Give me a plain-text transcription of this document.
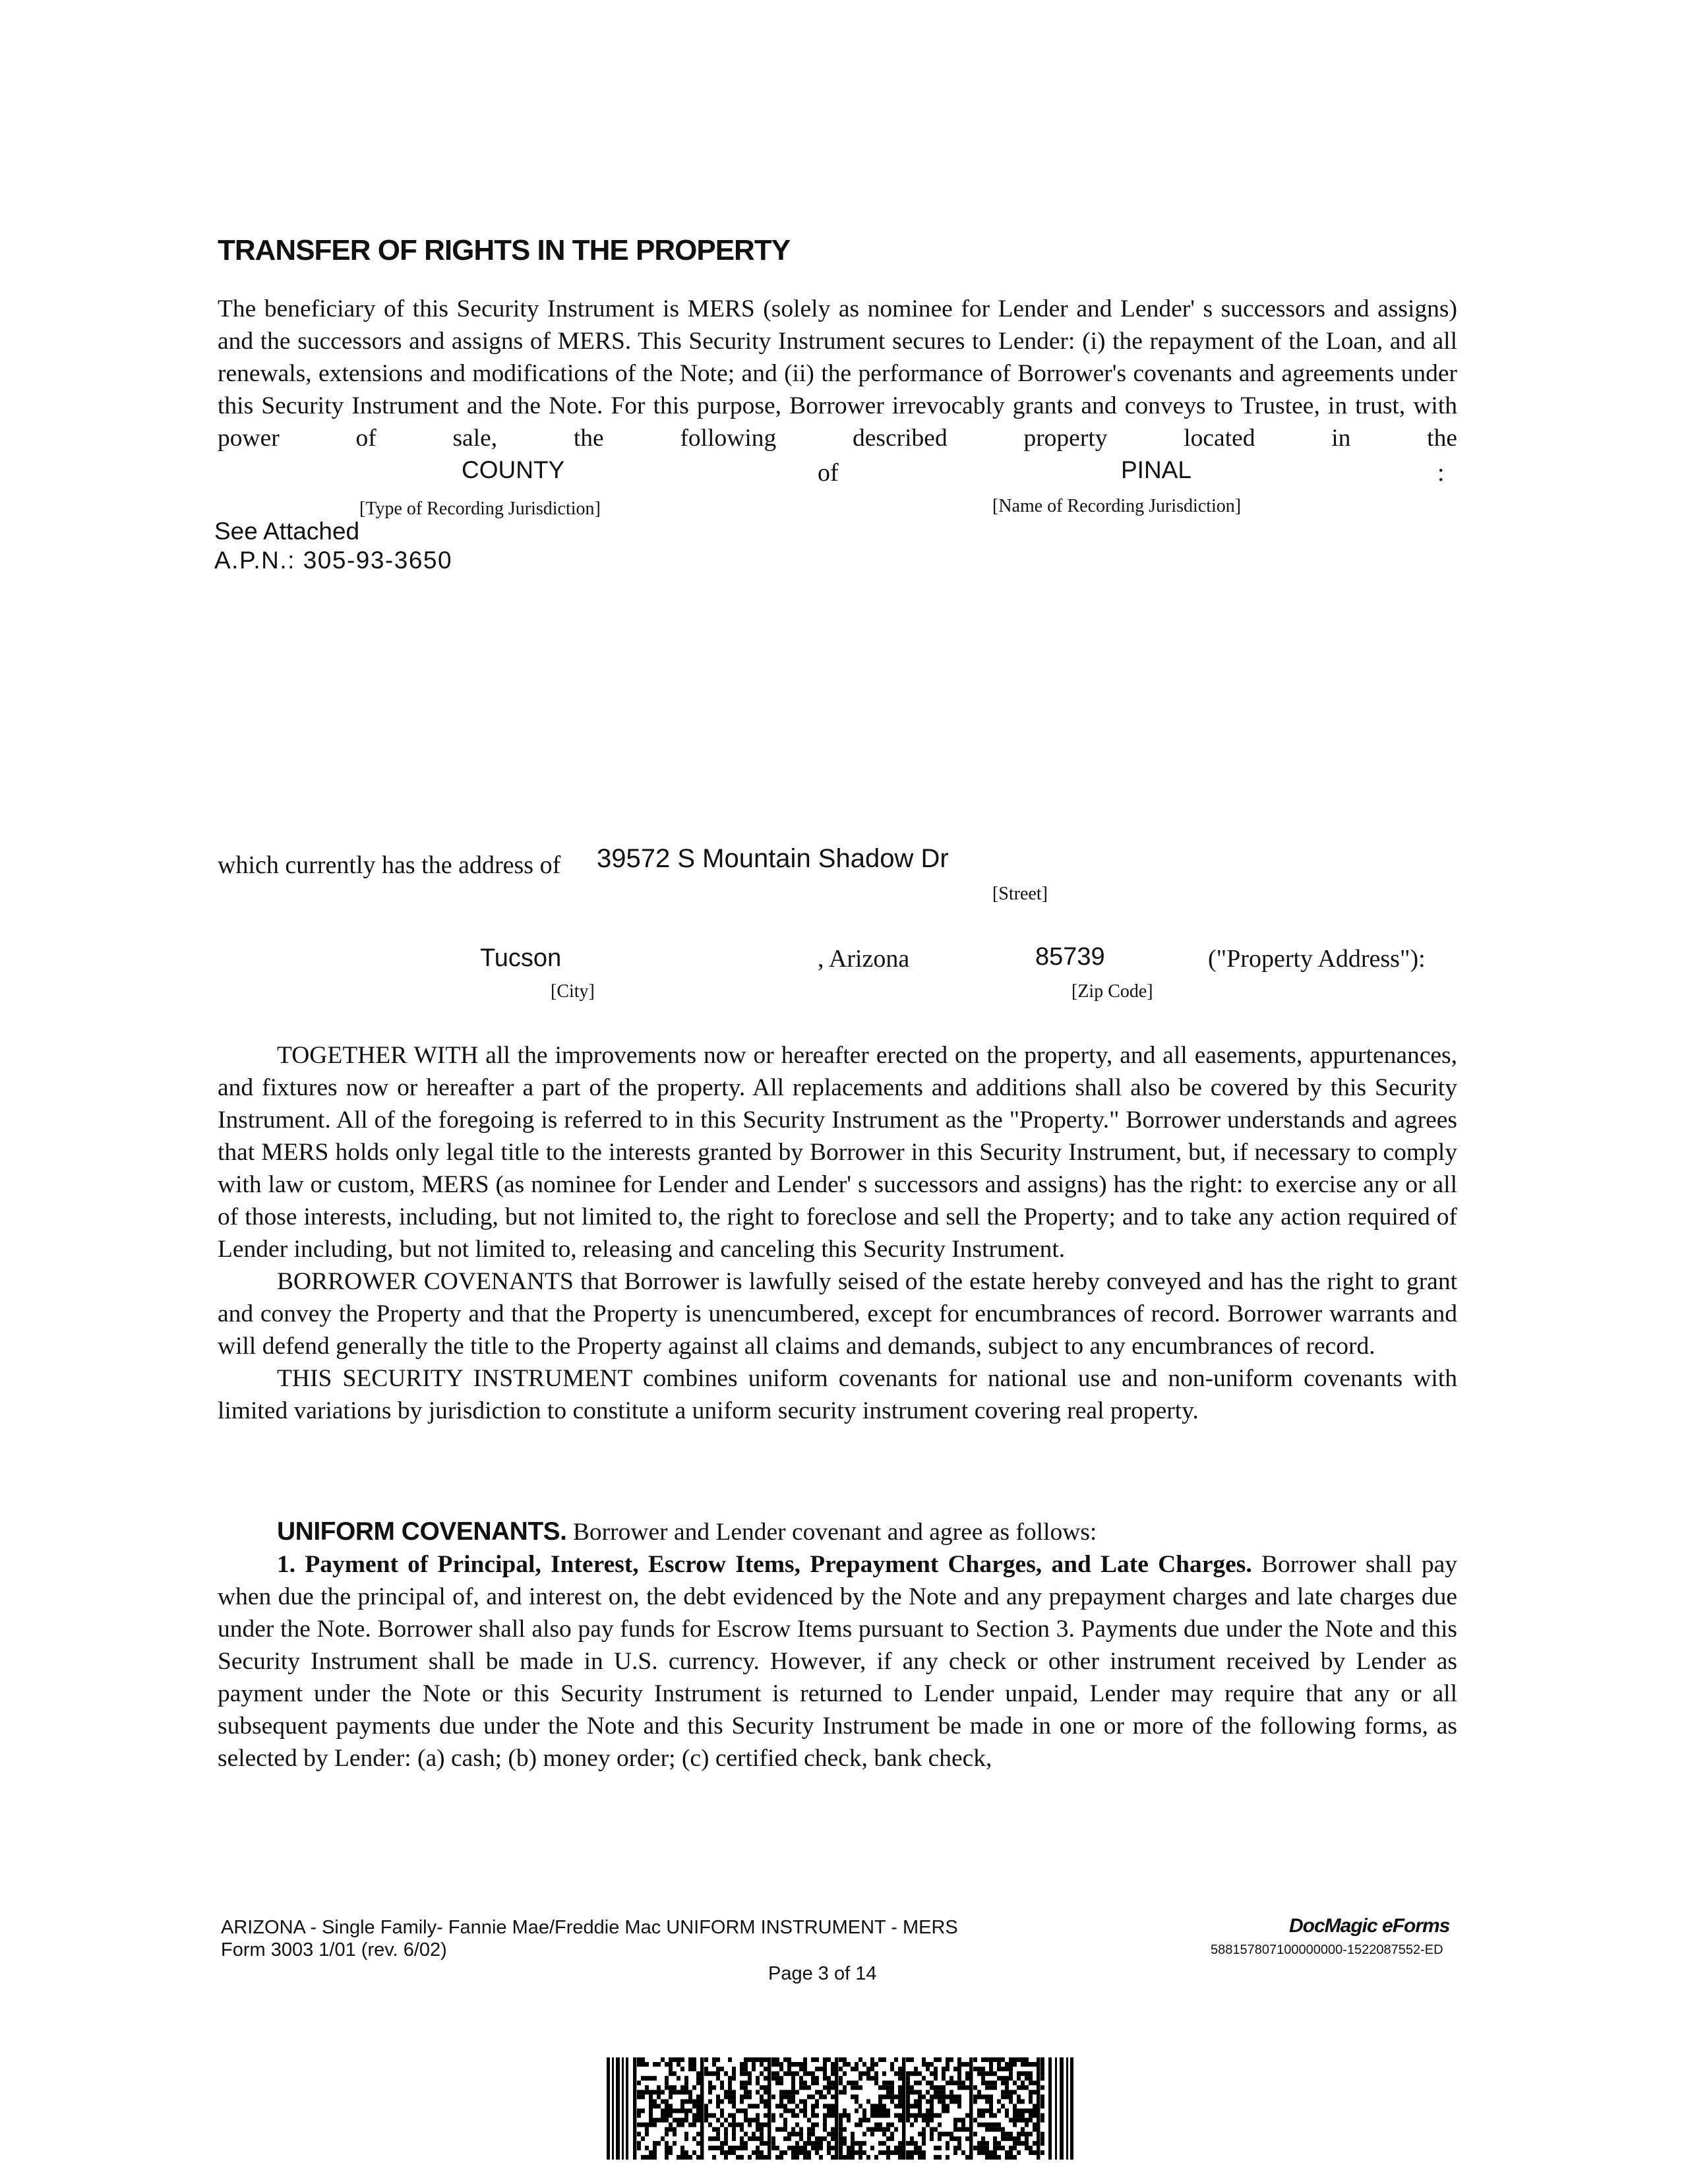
TRANSFER OF RIGHTS IN THE PROPERTY
The beneficiary of this Security Instrument is MERS (solely as nominee for Lender and Lender' s successors and assigns) and the successors and assigns of MERS. This Security Instrument secures to Lender: (i) the repayment of the Loan, and all renewals, extensions and modifications of the Note; and (ii) the performance of Borrower's covenants and agreements under this Security Instrument and the Note. For this purpose, Borrower irrevocably grants and conveys to Trustee, in trust, with power of sale, the following described property located in the
COUNTY	of	PINAL	:
[Type of Recording Jurisdiction]	[Name of Recording Jurisdiction]
See Attached
A.P.N.: 305-93-3650
which currently has the address of 39572 S Mountain Shadow Dr
[Street]
Tucson	, Arizona	85739	("Property Address"):
[City]	[Zip Code]

TOGETHER WITH all the improvements now or hereafter erected on the property, and all easements, appurtenances, and fixtures now or hereafter a part of the property. All replacements and additions shall also be covered by this Security Instrument. All of the foregoing is referred to in this Security Instrument as the "Property." Borrower understands and agrees that MERS holds only legal title to the interests granted by Borrower in this Security Instrument, but, if necessary to comply with law or custom, MERS (as nominee for Lender and Lender' s successors and assigns) has the right: to exercise any or all of those interests, including, but not limited to, the right to foreclose and sell the Property; and to take any action required of Lender including, but not limited to, releasing and canceling this Security Instrument.

BORROWER COVENANTS that Borrower is lawfully seised of the estate hereby conveyed and has the right to grant and convey the Property and that the Property is unencumbered, except for encumbrances of record. Borrower warrants and will defend generally the title to the Property against all claims and demands, subject to any encumbrances of record.

THIS SECURITY INSTRUMENT combines uniform covenants for national use and non-uniform covenants with limited variations by jurisdiction to constitute a uniform security instrument covering real property.

UNIFORM COVENANTS. Borrower and Lender covenant and agree as follows:

1. Payment of Principal, Interest, Escrow Items, Prepayment Charges, and Late Charges. Borrower shall pay when due the principal of, and interest on, the debt evidenced by the Note and any prepayment charges and late charges due under the Note. Borrower shall also pay funds for Escrow Items pursuant to Section 3. Payments due under the Note and this Security Instrument shall be made in U.S. currency. However, if any check or other instrument received by Lender as payment under the Note or this Security Instrument is returned to Lender unpaid, Lender may require that any or all subsequent payments due under the Note and this Security Instrument be made in one or more of the following forms, as selected by Lender: (a) cash; (b) money order; (c) certified check, bank check,

ARIZONA - Single Family- Fannie Mae/Freddie Mac UNIFORM INSTRUMENT - MERS
Form 3003 1/01 (rev. 6/02)
Page 3 of 14
DocMagic eForms
588157807100000000-1522087552-ED
